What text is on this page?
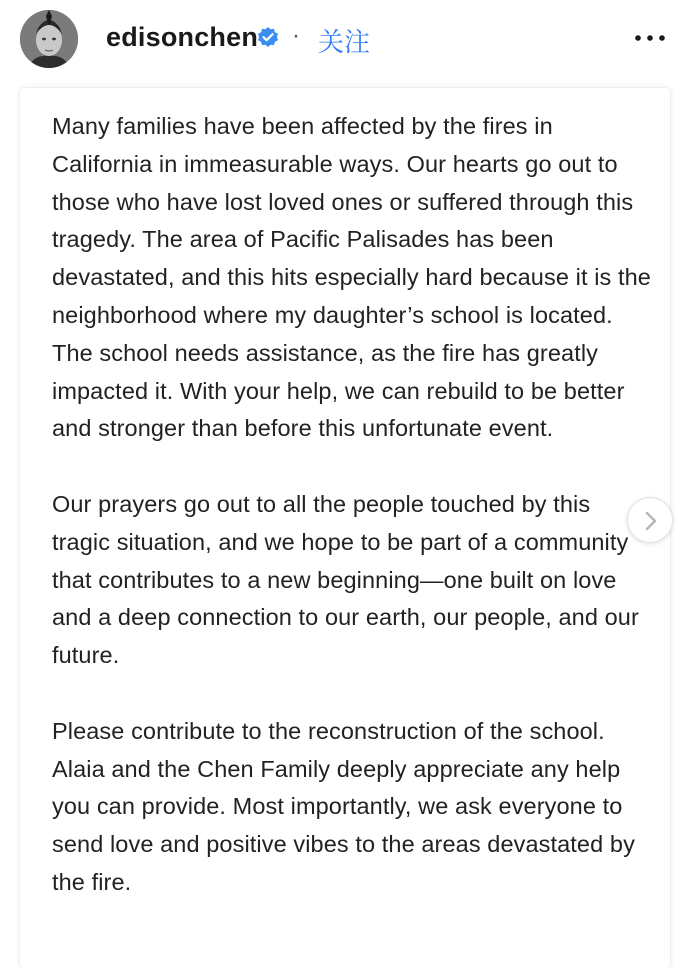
edisonchen · 关注

Many families have been affected by the fires in California in immeasurable ways. Our hearts go out to those who have lost loved ones or suffered through this tragedy. The area of Pacific Palisades has been devastated, and this hits especially hard because it is the neighborhood where my daughter’s school is located. The school needs assistance, as the fire has greatly impacted it. With your help, we can rebuild to be better and stronger than before this unfortunate event.

Our prayers go out to all the people touched by this tragic situation, and we hope to be part of a community that contributes to a new beginning—one built on love and a deep connection to our earth, our people, and our future.

Please contribute to the reconstruction of the school. Alaia and the Chen Family deeply appreciate any help you can provide. Most importantly, we ask everyone to send love and positive vibes to the areas devastated by the fire.
